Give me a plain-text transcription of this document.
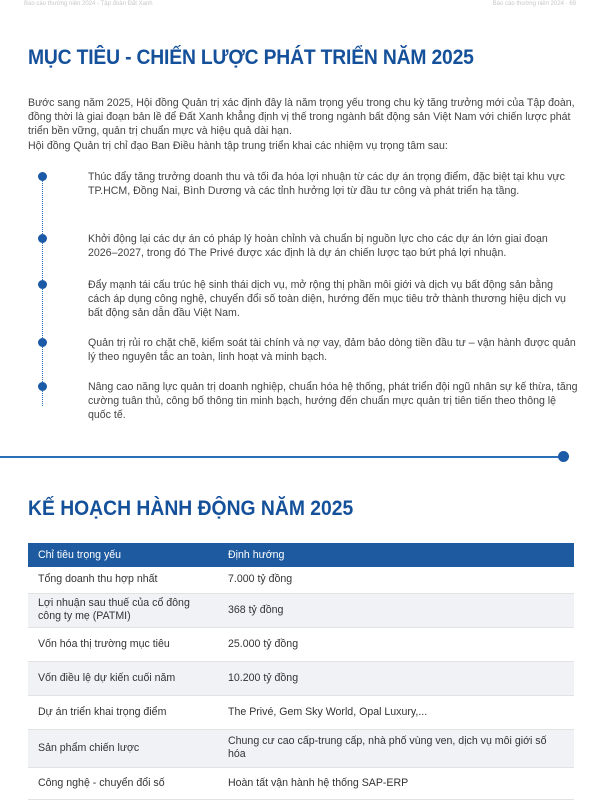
Báo cáo thường niên 2024 - Tập đoàn Đất Xanh	Báo cáo thường niên 2024 · 69
MỤC TIÊU - CHIẾN LƯỢC PHÁT TRIỂN NĂM 2025
Bước sang năm 2025, Hội đồng Quản trị xác định đây là năm trọng yếu trong chu kỳ tăng trưởng mới của Tập đoàn, đồng thời là giai đoạn bản lề để Đất Xanh khẳng định vị thế trong ngành bất động sản Việt Nam với chiến lược phát triển bền vững, quản trị chuẩn mực và hiệu quả dài hạn.
Hội đồng Quản trị chỉ đạo Ban Điều hành tập trung triển khai các nhiệm vụ trọng tâm sau:
Thúc đẩy tăng trưởng doanh thu và tối đa hóa lợi nhuận từ các dự án trọng điểm, đặc biệt tại khu vực TP.HCM, Đồng Nai, Bình Dương và các tỉnh hưởng lợi từ đầu tư công và phát triển hạ tầng.
Khởi động lại các dự án có pháp lý hoàn chỉnh và chuẩn bị nguồn lực cho các dự án lớn giai đoạn 2026–2027, trong đó The Privé được xác định là dự án chiến lược tạo bứt phá lợi nhuận.
Đẩy mạnh tái cấu trúc hệ sinh thái dịch vụ, mở rộng thị phần môi giới và dịch vụ bất động sản bằng cách áp dụng công nghệ, chuyển đổi số toàn diện, hướng đến mục tiêu trở thành thương hiệu dịch vụ bất động sản dẫn đầu Việt Nam.
Quản trị rủi ro chặt chẽ, kiểm soát tài chính và nợ vay, đảm bảo dòng tiền đầu tư – vận hành được quản lý theo nguyên tắc an toàn, linh hoạt và minh bạch.
Nâng cao năng lực quản trị doanh nghiệp, chuẩn hóa hệ thống, phát triển đội ngũ nhân sự kế thừa, tăng cường tuân thủ, công bố thông tin minh bạch, hướng đến chuẩn mực quản trị tiên tiến theo thông lệ quốc tế.
KẾ HOẠCH HÀNH ĐỘNG NĂM 2025
Chỉ tiêu trọng yếu	Định hướng
Tổng doanh thu hợp nhất	7.000 tỷ đồng
Lợi nhuận sau thuế của cổ đông công ty mẹ (PATMI)	368 tỷ đồng
Vốn hóa thị trường mục tiêu	25.000 tỷ đồng
Vốn điều lệ dự kiến cuối năm	10.200 tỷ đồng
Dự án triển khai trọng điểm	The Privé, Gem Sky World, Opal Luxury,...
Sản phẩm chiến lược	Chung cư cao cấp-trung cấp, nhà phố vùng ven, dịch vụ môi giới số hóa
Công nghệ - chuyển đổi số	Hoàn tất vận hành hệ thống SAP-ERP
